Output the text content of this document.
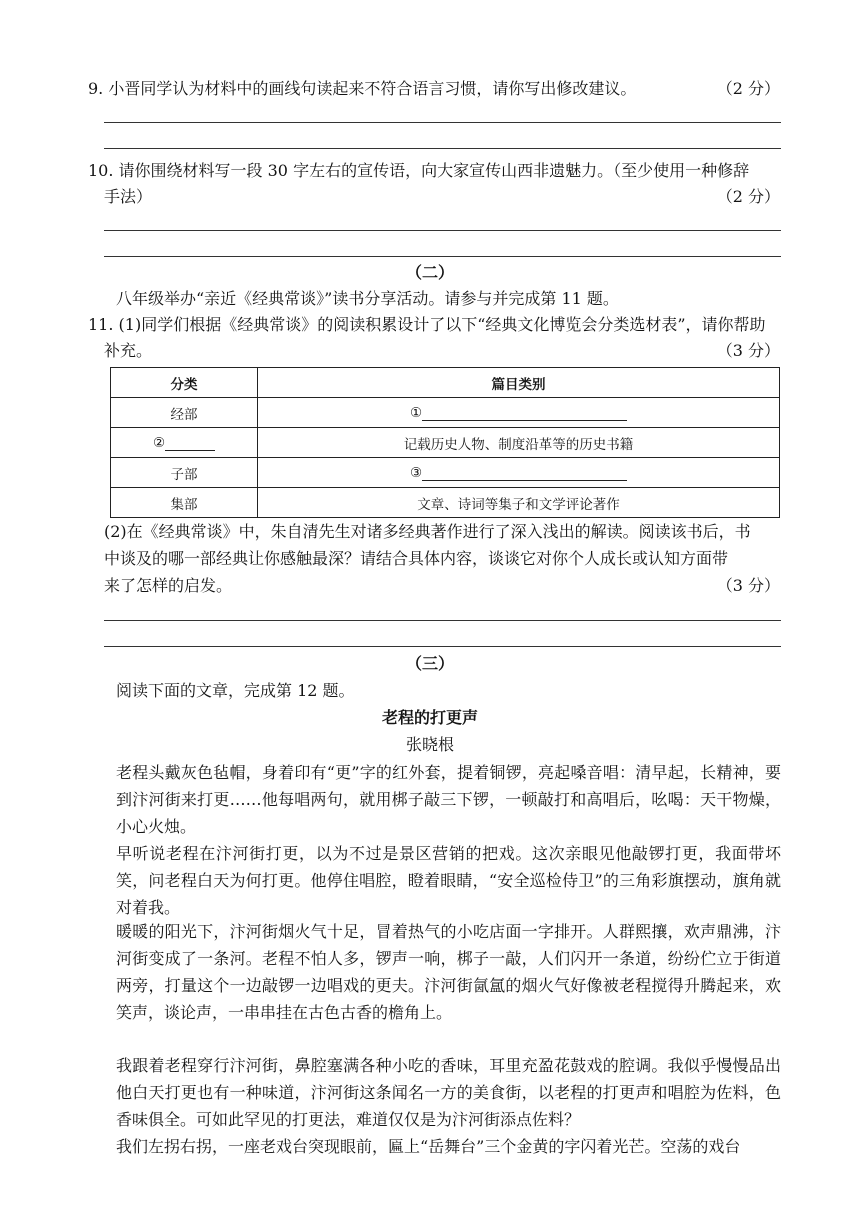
9. 小晋同学认为材料中的画线句读起来不符合语言习惯，请你写出修改建议。	（2 分）
10. 请你围绕材料写一段 30 字左右的宣传语，向大家宣传山西非遗魅力。（至少使用一种修辞
手法）	（2 分）
（二）
八年级举办“亲近《经典常谈》”读书分享活动。请参与并完成第 11 题。
11. (1)同学们根据《经典常谈》的阅读积累设计了以下“经典文化博览会分类选材表”，请你帮助
补充。	（3 分）
分类	篇目类别
经部	①
②	记载历史人物、制度沿革等的历史书籍
子部	③
集部	文章、诗词等集子和文学评论著作
(2)在《经典常谈》中，朱自清先生对诸多经典著作进行了深入浅出的解读。阅读该书后，书
中谈及的哪一部经典让你感触最深？请结合具体内容，谈谈它对你个人成长或认知方面带
来了怎样的启发。	（3 分）
（三）
阅读下面的文章，完成第 12 题。
老程的打更声
张晓根
老程头戴灰色毡帽，身着印有“更”字的红外套，提着铜锣，亮起嗓音唱：清早起，长精神，要到汴河街来打更……他每唱两句，就用梆子敲三下锣，一顿敲打和高唱后，吆喝：天干物燥，小心火烛。
早听说老程在汴河街打更，以为不过是景区营销的把戏。这次亲眼见他敲锣打更，我面带坏笑，问老程白天为何打更。他停住唱腔，瞪着眼睛，“安全巡检侍卫”的三角彩旗摆动，旗角就对着我。
暖暖的阳光下，汴河街烟火气十足，冒着热气的小吃店面一字排开。人群熙攘，欢声鼎沸，汴河街变成了一条河。老程不怕人多，锣声一响，梆子一敲，人们闪开一条道，纷纷伫立于街道两旁，打量这个一边敲锣一边唱戏的更夫。汴河街氤氲的烟火气好像被老程搅得升腾起来，欢笑声，谈论声，一串串挂在古色古香的檐角上。
我跟着老程穿行汴河街，鼻腔塞满各种小吃的香味，耳里充盈花鼓戏的腔调。我似乎慢慢品出他白天打更也有一种味道，汴河街这条闻名一方的美食街，以老程的打更声和唱腔为佐料，色香味俱全。可如此罕见的打更法，难道仅仅是为汴河街添点佐料？
我们左拐右拐，一座老戏台突现眼前，匾上“岳舞台”三个金黄的字闪着光芒。空荡的戏台
